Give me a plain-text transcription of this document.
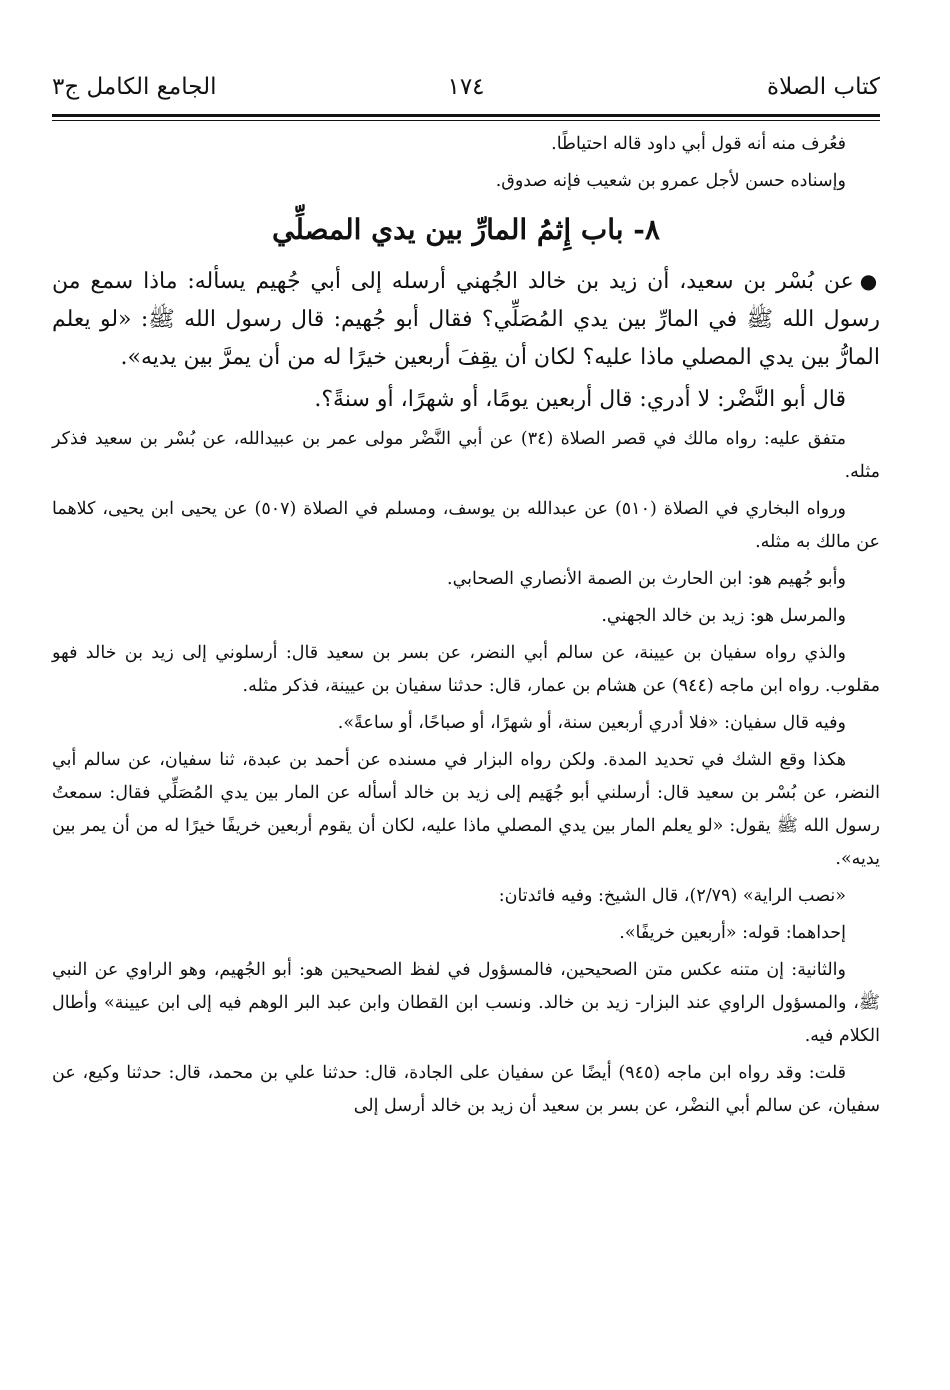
كتاب الصلاة
١٧٤
الجامع الكامل ج٣

فعُرف منه أنه قول أبي داود قاله احتياطًا.

وإسناده حسن لأجل عمرو بن شعيب فإنه صدوق.

٨- باب إِثمُ المارِّ بين يدي المصلِّي

●عن بُسْر بن سعيد، أن زيد بن خالد الجُهني أرسله إلى أبي جُهيم يسأله: ماذا سمع من رسول الله ﷺ في المارِّ بين يدي المُصَلِّي؟ فقال أبو جُهيم: قال رسول الله ﷺ: «لو يعلم المارُّ بين يدي المصلي ماذا عليه؟ لكان أن يقِفَ أربعين خيرًا له من أن يمرَّ بين يديه».

قال أبو النَّضْر: لا أدري: قال أربعين يومًا، أو شهرًا، أو سنةً؟.

متفق عليه: رواه مالك في قصر الصلاة (٣٤) عن أبي النَّضْر مولى عمر بن عبيدالله، عن بُسْر بن سعيد فذكر مثله.

ورواه البخاري في الصلاة (٥١٠) عن عبدالله بن يوسف، ومسلم في الصلاة (٥٠٧) عن يحيى ابن يحيى، كلاهما عن مالك به مثله.

وأبو جُهيم هو: ابن الحارث بن الصمة الأنصاري الصحابي.

والمرسل هو: زيد بن خالد الجهني.

والذي رواه سفيان بن عيينة، عن سالم أبي النضر، عن بسر بن سعيد قال: أرسلوني إلى زيد بن خالد فهو مقلوب. رواه ابن ماجه (٩٤٤) عن هشام بن عمار، قال: حدثنا سفيان بن عيينة، فذكر مثله.

وفيه قال سفيان: «فلا أدري أربعين سنة، أو شهرًا، أو صباحًا، أو ساعةً».

هكذا وقع الشك في تحديد المدة. ولكن رواه البزار في مسنده عن أحمد بن عبدة، ثنا سفيان، عن سالم أبي النضر، عن بُسْر بن سعيد قال: أرسلني أبو جُهَيم إلى زيد بن خالد أسأله عن المار بين يدي المُصَلِّي فقال: سمعتُ رسول الله ﷺ يقول: «لو يعلم المار بين يدي المصلي ماذا عليه، لكان أن يقوم أربعين خريفًا خيرًا له من أن يمر بين يديه».

«نصب الراية» (٢/٧٩)، قال الشيخ: وفيه فائدتان:

إحداهما: قوله: «أربعين خريفًا».

والثانية: إن متنه عكس متن الصحيحين، فالمسؤول في لفظ الصحيحين هو: أبو الجُهيم، وهو الراوي عن النبي ﷺ، والمسؤول الراوي عند البزار- زيد بن خالد. ونسب ابن القطان وابن عبد البر الوهم فيه إلى ابن عيينة» وأطال الكلام فيه.

قلت: وقد رواه ابن ماجه (٩٤٥) أيضًا عن سفيان على الجادة، قال: حدثنا علي بن محمد، قال: حدثنا وكيع، عن سفيان، عن سالم أبي النضْر، عن بسر بن سعيد أن زيد بن خالد أرسل إلى
